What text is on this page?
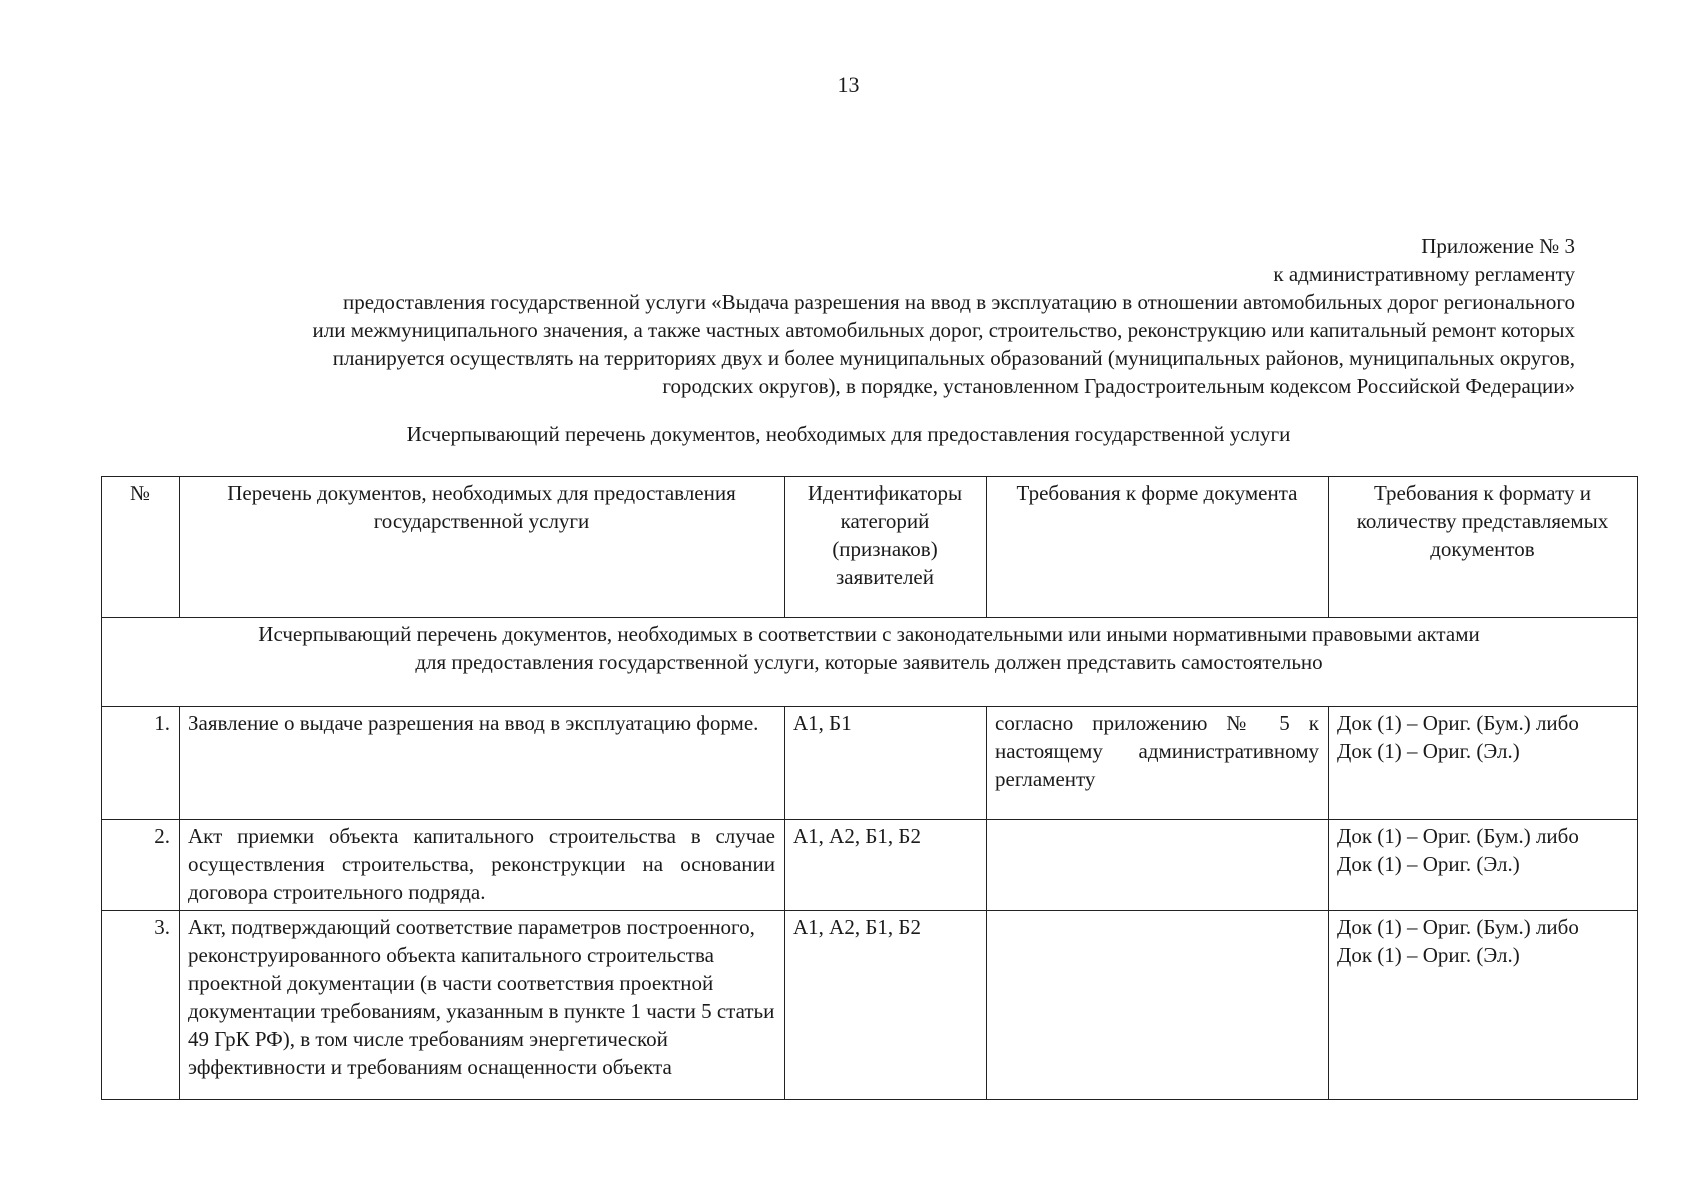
13
Приложение № 3
к административному регламенту
предоставления государственной услуги «Выдача разрешения на ввод в эксплуатацию в отношении автомобильных дорог регионального
или межмуниципального значения, а также частных автомобильных дорог, строительство, реконструкцию или капитальный ремонт которых
планируется осуществлять на территориях двух и более муниципальных образований (муниципальных районов, муниципальных округов,
городских округов), в порядке, установленном Градостроительным кодексом Российской Федерации»
Исчерпывающий перечень документов, необходимых для предоставления государственной услуги
№	Перечень документов, необходимых для предоставления государственной услуги	Идентификаторы категорий (признаков) заявителей	Требования к форме документа	Требования к формату и количеству представляемых документов

Исчерпывающий перечень документов, необходимых в соответствии с законодательными или иными нормативными правовыми актами
для предоставления государственной услуги, которые заявитель должен представить самостоятельно				

1.	Заявление о выдаче разрешения на ввод в эксплуатацию форме.	А1, Б1	согласно приложению № 5 к настоящему административному регламенту	Док (1) – Ориг. (Бум.) либо
Док (1) – Ориг. (Эл.)

2.	Акт приемки объекта капитального строительства в случае осуществления строительства, реконструкции на основании договора строительного подряда.	А1, А2, Б1, Б2		Док (1) – Ориг. (Бум.) либо
Док (1) – Ориг. (Эл.)

3.	Акт, подтверждающий соответствие параметров построенного, реконструированного объекта капитального строительства проектной документации (в части соответствия проектной документации требованиям, указанным в пункте 1 части 5 статьи 49 ГрК РФ), в том числе требованиям энергетической эффективности и требованиям оснащенности объекта	А1, А2, Б1, Б2		Док (1) – Ориг. (Бум.) либо
Док (1) – Ориг. (Эл.)
